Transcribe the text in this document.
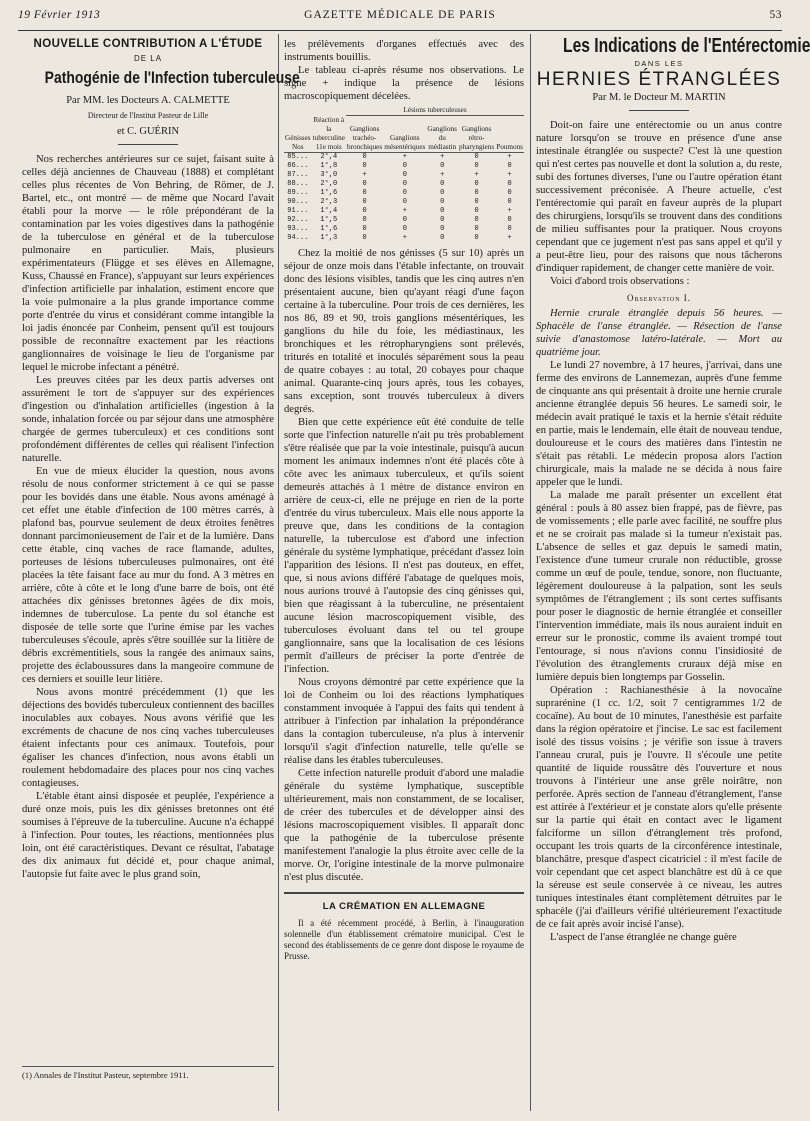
19 Février 1913	GAZETTE MÉDICALE DE PARIS	53
NOUVELLE CONTRIBUTION A L'ÉTUDE
DE LA
Pathogénie de l'Infection tuberculeuse
Par MM. les Docteurs A. CALMETTE
Directeur de l'Institut Pasteur de Lille
et C. GUÉRIN

Nos recherches antérieures sur ce sujet, faisant suite à celles déjà anciennes de Chauveau (1888) et complétant celles plus récentes de Von Behring, de Römer, de J. Bartel, etc., ont montré — de même que Nocard l'avait établi pour la morve — le rôle prépondérant de la contamination par les voies digestives dans la pathogénie de la tuberculose en général et de la tuberculose pulmonaire en particulier. Mais, plusieurs expérimentateurs (Flügge et ses élèves en Allemagne, Kuss, Chaussé en France), s'appuyant sur leurs expériences d'infection artificielle par inhalation, estiment encore que la voie pulmonaire a la plus grande importance comme porte d'entrée du virus et considérant comme intangible la loi jadis énoncée par Conheim, pensent qu'il est toujours possible de reconnaître exactement par les réactions ganglionnaires de voisinage le lieu de l'organisme par lequel le microbe infectant a pénétré.

Les preuves citées par les deux partis adverses ont assurément le tort de s'appuyer sur des expériences d'ingestion ou d'inhalation artificielles (ingestion à la sonde, inhalation forcée ou par séjour dans une atmosphère chargée de germes tuberculeux) et ces conditions sont profondément différentes de celles qui réalisent l'infection naturelle.

En vue de mieux élucider la question, nous avons résolu de nous conformer strictement à ce qui se passe pour les bovidés dans une étable. Nous avons aménagé à cet effet une étable d'infection de 100 mètres carrés, à plafond bas, pourvue seulement de deux étroites fenêtres donnant parcimonieusement de l'air et de la lumière. Dans cette étable, cinq vaches de race flamande, adultes, porteuses de lésions tuberculeuses pulmonaires, ont été placées la tête faisant face au mur du fond. A 3 mètres en arrière, côte à côte et le long d'une barre de bois, ont été attachées dix génisses bretonnes âgées de dix mois, indemnes de tuberculose. La pente du sol étanche est disposée de telle sorte que l'urine émise par les vaches tuberculeuses s'écoule, après s'être souillée sur la litière de débris excrémentitiels, sous la rangée des animaux sains, projette des éclaboussures dans la mangeoire commune de ces derniers et souille leur litière.

Nous avons montré précédemment (1) que les déjections des bovidés tuberculeux contiennent des bacilles inoculables aux cobayes. Nous avons vérifié que les excréments de chacune de nos cinq vaches tuberculeuses étaient infectants pour ces animaux. Toutefois, pour égaliser les chances d'infection, nous avons établi un roulement hebdomadaire des places pour nos cinq vaches contagieuses.

L'étable étant ainsi disposée et peuplée, l'expérience a duré onze mois, puis les dix génisses bretonnes ont été soumises à l'épreuve de la tuberculine. Aucune n'a échappé à l'infection. Pour toutes, les réactions, mentionnées plus loin, ont été caractéristiques. Devant ce résultat, l'abatage des dix animaux fut décidé et, pour chaque animal, l'autopsie fut faite avec le plus grand soin,

(1) Annales de l'Institut Pasteur, septembre 1911.

les prélèvements d'organes effectués avec des instruments bouillis.

Le tableau ci-après résume nos observations. Le signe + indique la présence de lésions macroscopiquement décelées.

		Lésions tuberculeuses				
Génisses Nos	Réaction à la tuberculine 11e mois	Ganglions trachéo-bronchiques	Ganglions mésentériques	Ganglions du médiastin	Ganglions rétro-pharyngiens	Poumons
85...	2°,4	0	+	+	0	+
86...	1°,8	0	0	0	0	0
87...	3°,0	+	0	+	+	+
88...	2°,0	0	0	0	0	0
89...	1°,6	0	0	0	0	0
90...	2°,3	0	0	0	0	0
91...	1°,4	0	+	0	0	+
92...	1°,5	0	0	0	0	0
93...	1°,6	0	0	0	0	0
94...	1°,3	0	+	0	0	+

Chez la moitié de nos génisses (5 sur 10) après un séjour de onze mois dans l'étable infectante, on trouvait donc des lésions visibles, tandis que les cinq autres n'en présentaient aucune, bien qu'ayant réagi d'une façon certaine à la tuberculine. Pour trois de ces dernières, les nos 86, 89 et 90, trois ganglions mésentériques, les ganglions du hile du foie, les médiastinaux, les bronchiques et les rétropharyngiens sont prélevés, triturés en totalité et inoculés séparément sous la peau de quatre cobayes : au total, 20 cobayes pour chaque animal. Quarante-cinq jours après, tous les cobayes, sans exception, sont trouvés tuberculeux à divers degrés.

Bien que cette expérience eût été conduite de telle sorte que l'infection naturelle n'ait pu très probablement s'être réalisée que par la voie intestinale, puisqu'à aucun moment les animaux indemnes n'ont été placés côte à côte avec les animaux tuberculeux, et qu'ils soient demeurés attachés à 1 mètre de distance environ en arrière de ceux-ci, elle ne préjuge en rien de la porte d'entrée du virus tuberculeux. Mais elle nous apporte la preuve que, dans les conditions de la contagion naturelle, la tuberculose est d'abord une infection générale du système lymphatique, précédant d'assez loin l'apparition des lésions. Il n'est pas douteux, en effet, que, si nous avions différé l'abatage de quelques mois, nous aurions trouvé à l'autopsie des cinq génisses qui, bien que réagissant à la tuberculine, ne présentaient aucune lésion macroscopiquement visible, des tuberculoses évoluant dans tel ou tel groupe ganglionnaire, sans que la localisation de ces lésions permît d'ailleurs de préciser la porte d'entrée de l'infection.

Nous croyons démontré par cette expérience que la loi de Conheim ou loi des réactions lymphatiques constamment invoquée à l'appui des faits qui tendent à attribuer à l'infection par inhalation la prépondérance dans la contagion tuberculeuse, n'a plus à intervenir lorsqu'il s'agit d'infection naturelle, telle qu'elle se réalise dans les étables tuberculeuses.

Cette infection naturelle produit d'abord une maladie générale du système lymphatique, susceptible ultérieurement, mais non constamment, de se localiser, de créer des tubercules et de développer ainsi des lésions macroscopiquement visibles. Il apparaît donc que la pathogénie de la tuberculose présente manifestement l'analogie la plus étroite avec celle de la morve. Or, l'origine intestinale de la morve pulmonaire n'est plus discutée.

LA CRÉMATION EN ALLEMAGNE

Il a été récemment procédé, à Berlin, à l'inauguration solennelle d'un établissement crématoire municipal. C'est le second des établissements de ce genre dont dispose le royaume de Prusse.

Les Indications de l'Entérectomie
DANS LES
HERNIES ÉTRANGLÉES
Par M. le Docteur M. MARTIN

Doit-on faire une entérectomie ou un anus contre nature lorsqu'on se trouve en présence d'une anse intestinale étranglée ou suspecte? C'est là une question qui n'est certes pas nouvelle et dont la solution a, du reste, subi des fortunes diverses, l'une ou l'autre opération étant successivement préconisée. A l'heure actuelle, c'est l'entérectomie qui paraît en faveur auprès de la plupart des chirurgiens, lorsqu'ils se trouvent dans des conditions de milieu suffisantes pour la pratiquer. Nous croyons cependant que ce jugement n'est pas sans appel et qu'il y a peut-être lieu, pour des raisons que nous tâcherons d'indiquer rapidement, de changer cette manière de voir.

Voici d'abord trois observations :

Observation I.

Hernie crurale étranglée depuis 56 heures. — Sphacèle de l'anse étranglée. — Résection de l'anse suivie d'anastomose latéro-latérale. — Mort au quatrième jour.

Le lundi 27 novembre, à 17 heures, j'arrivai, dans une ferme des environs de Lannemezan, auprès d'une femme de cinquante ans qui présentait à droite une hernie crurale ancienne étranglée depuis 56 heures. Le samedi soir, le médecin avait pratiqué le taxis et la hernie s'était réduite en partie, mais le lendemain, elle était de nouveau tendue, douloureuse et le cours des matières dans l'intestin ne s'était pas rétabli. Le médecin proposa alors l'action chirurgicale, mais la malade ne se décida à nous faire appeler que le lundi.

La malade me paraît présenter un excellent état général : pouls à 80 assez bien frappé, pas de fièvre, pas de vomissements ; elle parle avec facilité, ne souffre plus et ne se croirait pas malade si la tumeur n'existait pas. L'absence de selles et gaz depuis le samedi matin, l'existence d'une tumeur crurale non réductible, grosse comme un œuf de poule, tendue, sonore, non fluctuante, légèrement douloureuse à la palpation, sont les seuls symptômes de l'étranglement ; ils sont certes suffisants pour poser le diagnostic de hernie étranglée et conseiller l'intervention immédiate, mais ils nous auraient induit en erreur sur le pronostic, comme ils avaient trompé tout l'entourage, si nous n'avions connu l'insidiosité de l'évolution des étranglements cruraux déjà mise en lumière depuis bien longtemps par Gosselin.

Opération : Rachianesthésie à la novocaïne suprarénine (1 cc. 1/2, soit 7 centigrammes 1/2 de cocaïne). Au bout de 10 minutes, l'anesthésie est parfaite dans la région opératoire et j'incise. Le sac est facilement isolé des tissus voisins ; je vérifie son issue à travers l'anneau crural, puis je l'ouvre. Il s'écoule une petite quantité de liquide roussâtre dès l'ouverture et nous trouvons à l'intérieur une anse grêle noirâtre, non perforée. Après section de l'anneau d'étranglement, l'anse est attirée à l'extérieur et je constate alors qu'elle présente sur la partie qui était en contact avec le ligament falciforme un sillon d'étranglement très profond, occupant les trois quarts de la circonférence intestinale, blanchâtre, presque d'aspect cicatriciel : il m'est facile de voir cependant que cet aspect blanchâtre est dû à ce que la séreuse est seule conservée à ce niveau, les autres tuniques intestinales étant complètement détruites par le sphacèle (j'ai d'ailleurs vérifié ultérieurement l'exactitude de ce fait après avoir incisé l'anse).

L'aspect de l'anse étranglée ne change guère
